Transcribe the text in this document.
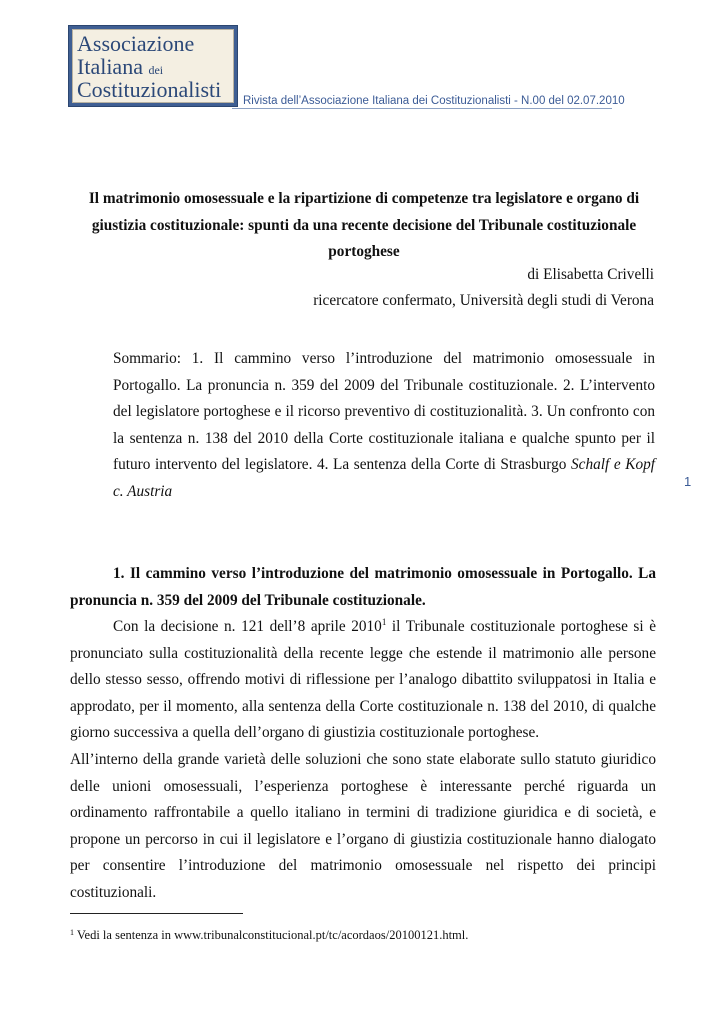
Associazione
Italiana dei
Costituzionalisti	Rivista dell’Associazione Italiana dei Costituzionalisti - N.00 del 02.07.2010
Il matrimonio omosessuale e la ripartizione di competenze tra legislatore e organo di giustizia costituzionale: spunti da una recente decisione del Tribunale costituzionale portoghese
di Elisabetta Crivelli
ricercatore confermato, Università degli studi di Verona
Sommario: 1. Il cammino verso l’introduzione del matrimonio omosessuale in Portogallo. La pronuncia n. 359 del 2009 del Tribunale costituzionale. 2. L’intervento del legislatore portoghese e il ricorso preventivo di costituzionalità. 3. Un confronto con la sentenza n. 138 del 2010 della Corte costituzionale italiana e qualche spunto per il futuro intervento del legislatore. 4. La sentenza della Corte di Strasburgo Schalf e Kopf c. Austria
1
1. Il cammino verso l’introduzione del matrimonio omosessuale in Portogallo. La pronuncia n. 359 del 2009 del Tribunale costituzionale.
Con la decisione n. 121 dell’8 aprile 2010$^1$ il Tribunale costituzionale portoghese si è pronunciato sulla costituzionalità della recente legge che estende il matrimonio alle persone dello stesso sesso, offrendo motivi di riflessione per l’analogo dibattito sviluppatosi in Italia e approdato, per il momento, alla sentenza della Corte costituzionale n. 138 del 2010, di qualche giorno successiva a quella dell’organo di giustizia costituzionale portoghese.
All’interno della grande varietà delle soluzioni che sono state elaborate sullo statuto giuridico delle unioni omosessuali, l’esperienza portoghese è interessante perché riguarda un ordinamento raffrontabile a quello italiano in termini di tradizione giuridica e di società, e propone un percorso in cui il legislatore e l’organo di giustizia costituzionale hanno dialogato per consentire l’introduzione del matrimonio omosessuale nel rispetto dei principi costituzionali.
$^1$ Vedi la sentenza in www.tribunalconstitucional.pt/tc/acordaos/20100121.html.
